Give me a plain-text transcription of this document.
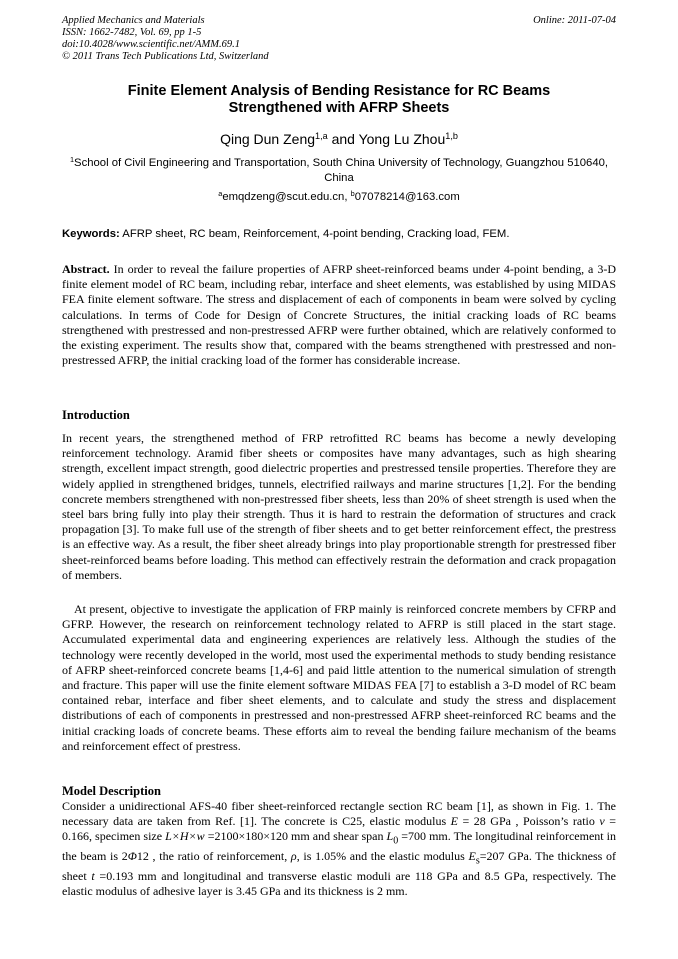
Applied Mechanics and Materials	Online: 2011-07-04
ISSN: 1662-7482, Vol. 69, pp 1-5
doi:10.4028/www.scientific.net/AMM.69.1
© 2011 Trans Tech Publications Ltd, Switzerland
Finite Element Analysis of Bending Resistance for RC Beams
Strengthened with AFRP Sheets
Qing Dun Zeng$^{1,a}$ and Yong Lu Zhou$^{1,b}$
$^1$School of Civil Engineering and Transportation, South China University of Technology, Guangzhou 510640, China
$^a$emqdzeng@scut.edu.cn, $^b$07078214@163.com
Keywords: AFRP sheet, RC beam, Reinforcement, 4-point bending, Cracking load, FEM.
Abstract. In order to reveal the failure properties of AFRP sheet-reinforced beams under 4-point bending, a 3-D finite element model of RC beam, including rebar, interface and sheet elements, was established by using MIDAS FEA finite element software. The stress and displacement of each of components in beam were solved by cycling calculations. In terms of Code for Design of Concrete Structures, the initial cracking loads of RC beams strengthened with prestressed and non-prestressed AFRP were further obtained, which are relatively conformed to the existing experiment. The results show that, compared with the beams strengthened with prestressed and non-prestressed AFRP, the initial cracking load of the former has considerable increase.
Introduction
In recent years, the strengthened method of FRP retrofitted RC beams has become a newly developing reinforcement technology. Aramid fiber sheets or composites have many advantages, such as high shearing strength, excellent impact strength, good dielectric properties and prestressed tensile properties. Therefore they are widely applied in strengthened bridges, tunnels, electrified railways and marine structures [1,2]. For the bending concrete members strengthened with non-prestressed fiber sheets, less than 20% of sheet strength is used when the steel bars bring fully into play their strength. Thus it is hard to restrain the deformation of structures and crack propagation [3]. To make full use of the strength of fiber sheets and to get better reinforcement effect, the prestress is an effective way. As a result, the fiber sheet already brings into play proportionable strength for prestressed fiber sheet-reinforced beams before loading. This method can effectively restrain the deformation and crack propagation of members.
At present, objective to investigate the application of FRP mainly is reinforced concrete members by CFRP and GFRP. However, the research on reinforcement technology related to AFRP is still placed in the start stage. Accumulated experimental data and engineering experiences are relatively less. Although the studies of the technology were recently developed in the world, most used the experimental methods to study bending resistance of AFRP sheet-reinforced concrete beams [1,4-6] and paid little attention to the numerical simulation of strength and fracture. This paper will use the finite element software MIDAS FEA [7] to establish a 3-D model of RC beam contained rebar, interface and fiber sheet elements, and to calculate and study the stress and displacement distributions of each of components in prestressed and non-prestressed AFRP sheet-reinforced RC beams and the initial cracking loads of concrete beams. These efforts aim to reveal the bending failure mechanism of the beams and reinforcement effect of prestress.
Model Description
Consider a unidirectional AFS-40 fiber sheet-reinforced rectangle section RC beam [1], as shown in Fig. 1. The necessary data are taken from Ref. [1]. The concrete is C25, elastic modulus E = 28 GPa , Poisson’s ratio ν = 0.166, specimen size L×H×w =2100×180×120 mm and shear span $L_0 =700$ mm. The longitudinal reinforcement in the beam is 2Φ12 , the ratio of reinforcement, ρ, is 1.05% and the elastic modulus $E_s=207$ GPa. The thickness of sheet t =0.193 mm and longitudinal and transverse elastic moduli are 118 GPa and 8.5 GPa, respectively. The elastic modulus of adhesive layer is 3.45 GPa and its thickness is 2 mm.
